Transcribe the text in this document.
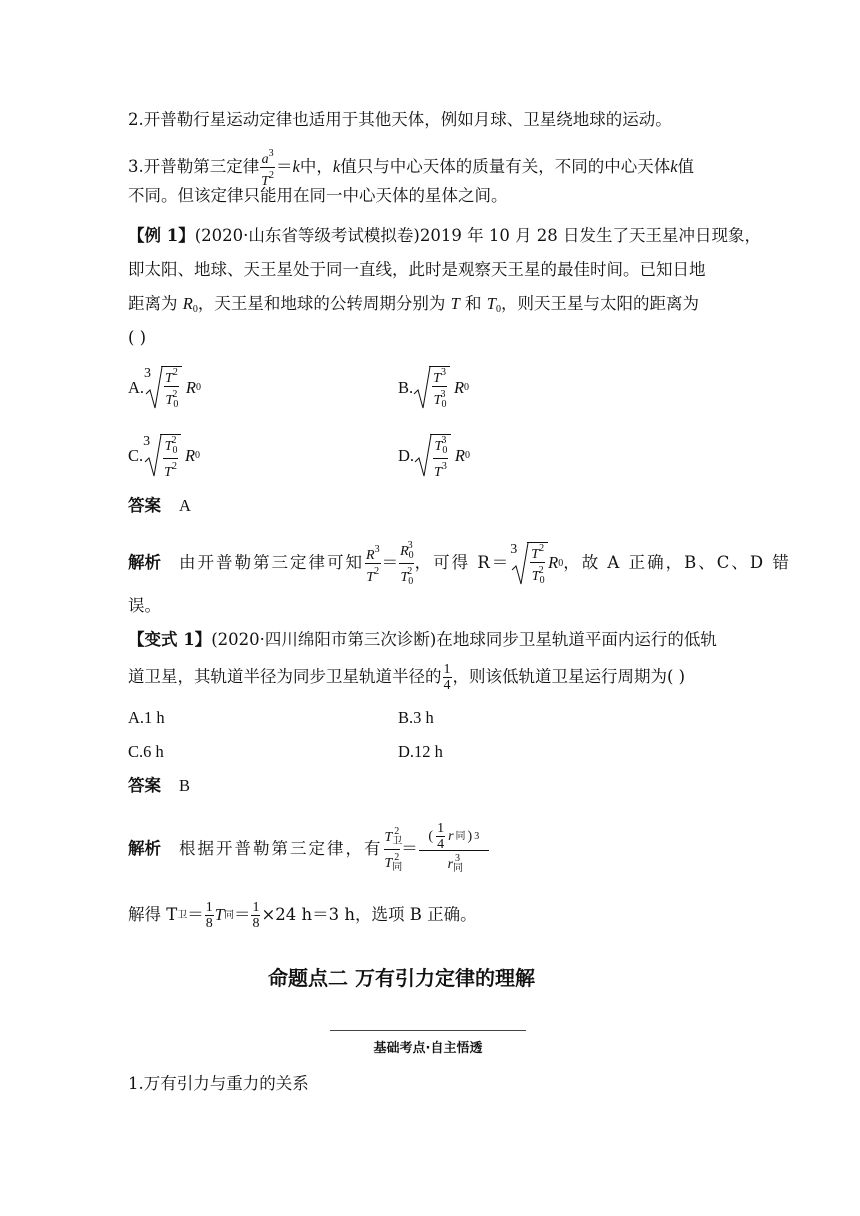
2.开普勒行星运动定律也适用于其他天体，例如月球、卫星绕地球的运动。
3.开普勒第三定律 $\frac{a^3}{T^2} = k$ 中， k 值只与中心天体的质量有关，不同的中心天体 k 值
不同。但该定律只能用在同一中心天体的星体之间。
【例 1】(2020·山东省等级考试模拟卷)2019 年 10 月 28 日发生了天王星冲日现象，
即太阳、地球、天王星处于同一直线，此时是观察天王星的最佳时间。已知日地
距离为 $R_0$，天王星和地球的公转周期分别为 T 和 $T_0$，则天王星与太阳的距离为
( )
A.
$3 \frac{T^2}{T_0^2}$ R 0	B. $\frac{T^3}{T_0^3}$ R 0
C.
$3 \frac{T_0^2}{T^2}$ R 0	D. $\frac{T_0^3}{T^3}$ R 0
答案 A
解析 由开普勒第三定律可知 $\frac{R^3}{T^2} = \frac{R_0^3}{T_0^2}$ ，可得 R＝
$3 \frac{T^2}{T_0^2}$ R 0 ，故 A 正确，B、C、D 错
误。
【变式 1】(2020·四川绵阳市第三次诊断)在地球同步卫星轨道平面内运行的低轨
道卫星，其轨道半径为同步卫星轨道半径的 $\frac{1}{4}$ ，则该低轨道卫星运行周期为( )
A.1 h	B.3 h
C.6 h	D.12 h
答案 B
解析 根据开普勒第三定律，有 $\frac{T_卫^2}{T_同^2} = \frac{( \frac{1}{4} r 同 ) 3}{r_同^3}$
解得 T 卫 ＝ $\frac{1}{8}$ T 同 ＝ $\frac{1}{8} \times 24$ h＝3 h，选项 B 正确。
命题点二 万有引力定律的理解
基础考点·自主悟透
1.万有引力与重力的关系
